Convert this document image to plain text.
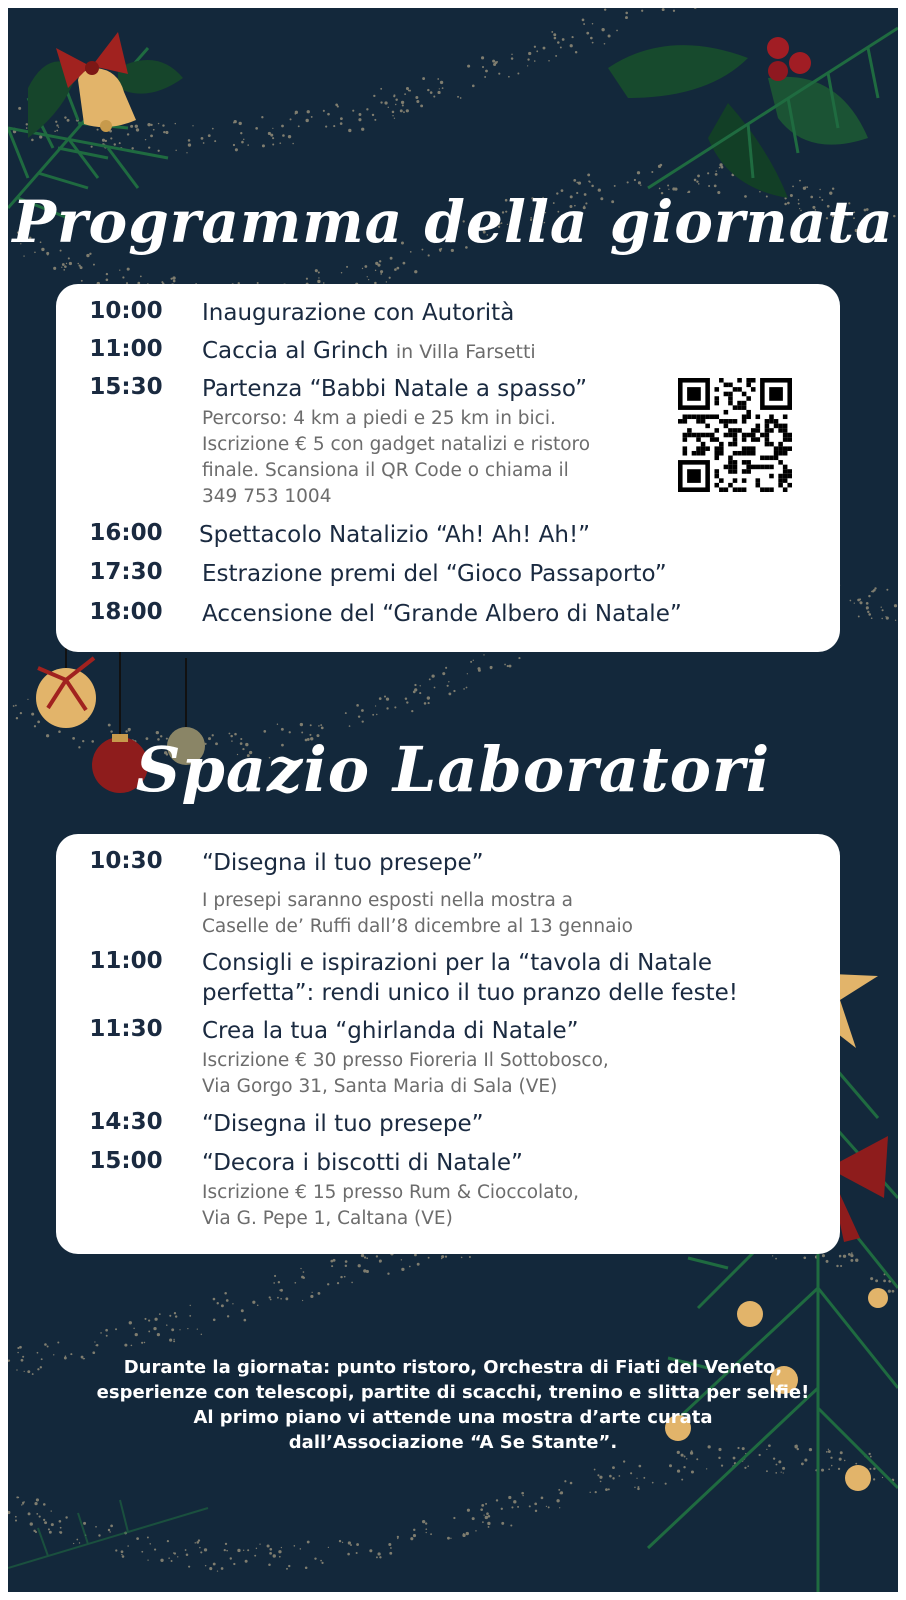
Programma della giornata
10:00 Inaugurazione con Autorità
11:00 Caccia al Grinch in Villa Farsetti
15:30 Partenza “Babbi Natale a spasso”
Percorso: 4 km a piedi e 25 km in bici.
Iscrizione € 5 con gadget natalizi e ristoro
finale. Scansiona il QR Code o chiama il
349 753 1004
16:00 Spettacolo Natalizio “Ah! Ah! Ah!”
17:30 Estrazione premi del “Gioco Passaporto”
18:00 Accensione del “Grande Albero di Natale”
Spazio Laboratori
10:30 “Disegna il tuo presepe”
I presepi saranno esposti nella mostra a
Caselle de’ Ruffi dall’8 dicembre al 13 gennaio
11:00 Consigli e ispirazioni per la “tavola di Natale
perfetta”: rendi unico il tuo pranzo delle feste!
11:30 Crea la tua “ghirlanda di Natale”
Iscrizione € 30 presso Fioreria Il Sottobosco,
Via Gorgo 31, Santa Maria di Sala (VE)
14:30 “Disegna il tuo presepe”
15:00 “Decora i biscotti di Natale”
Iscrizione € 15 presso Rum & Cioccolato,
Via G. Pepe 1, Caltana (VE)
Durante la giornata: punto ristoro, Orchestra di Fiati del Veneto,
esperienze con telescopi, partite di scacchi, trenino e slitta per selfie!
Al primo piano vi attende una mostra d’arte curata
dall’Associazione “A Se Stante”.
